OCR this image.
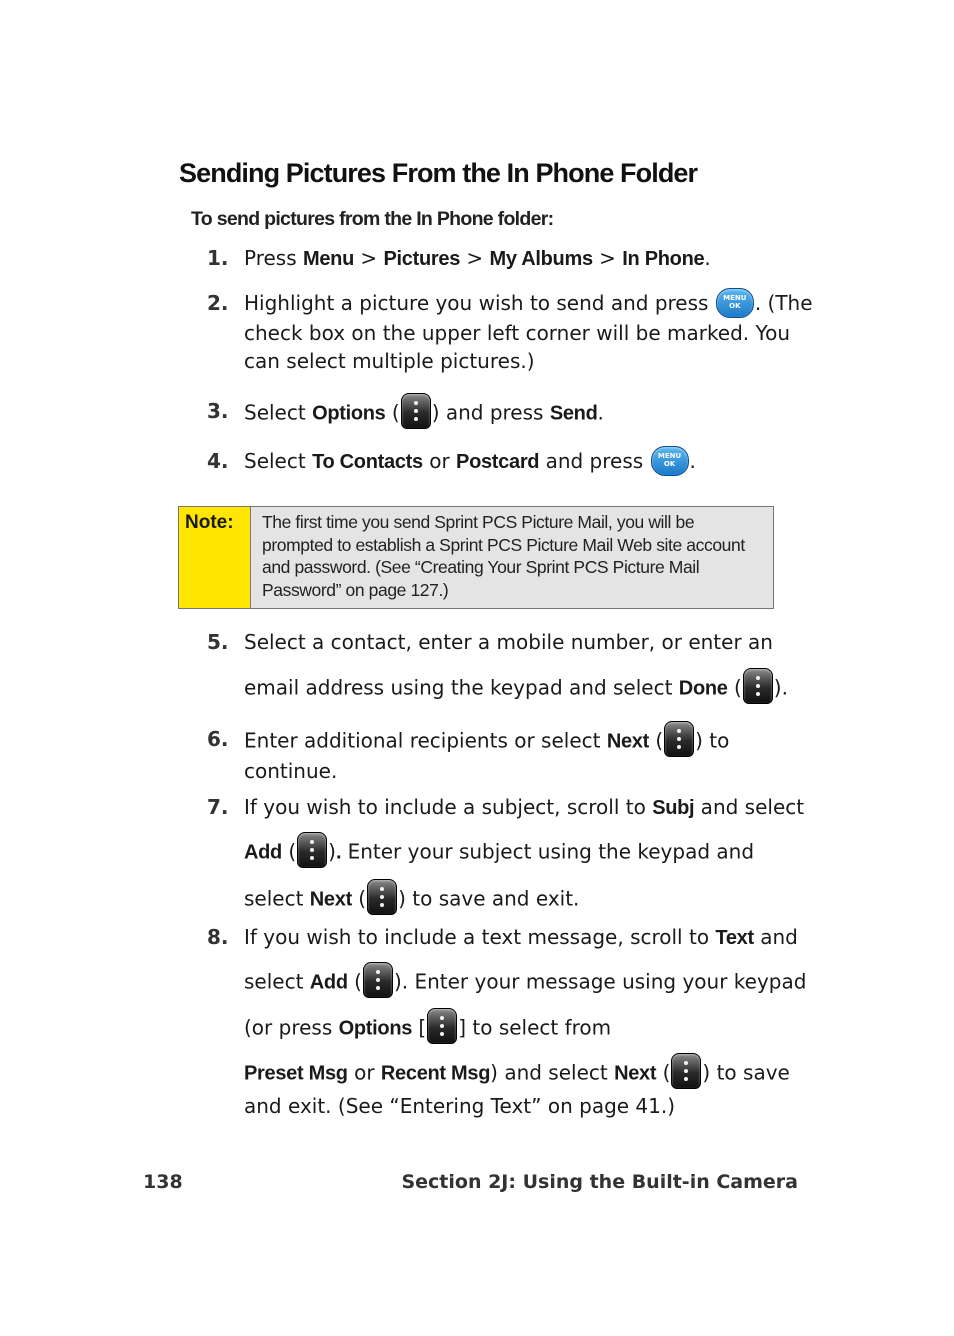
Sending Pictures From the In Phone Folder
To send pictures from the In Phone folder:
1. Press Menu > Pictures > My Albums > In Phone.
2. Highlight a picture you wish to send and press	MENU
OK . (The
check box on the upper left corner will be marked. You
can select multiple pictures.)
3. Select Options ( ) and press Send.
4. Select To Contacts or Postcard and press	MENU
OK .
Note:	The first time you send Sprint PCS Picture Mail, you will be prompted to establish a Sprint PCS Picture Mail Web site account and password. (See “Creating Your Sprint PCS Picture Mail Password” on page 127.)
5. Select a contact, enter a mobile number, or enter an
email address using the keypad and select Done ( ).
6. Enter additional recipients or select Next ( ) to
continue.
7. If you wish to include a subject, scroll to Subj and select
Add ( ). Enter your subject using the keypad and
select Next ( ) to save and exit.
8. If you wish to include a text message, scroll to Text and
select Add ( ). Enter your message using your keypad
(or press Options [ ] to select from
Preset Msg or Recent Msg) and select Next ( ) to save
and exit. (See “Entering Text” on page 41.)
138	Section 2J: Using the Built-in Camera
